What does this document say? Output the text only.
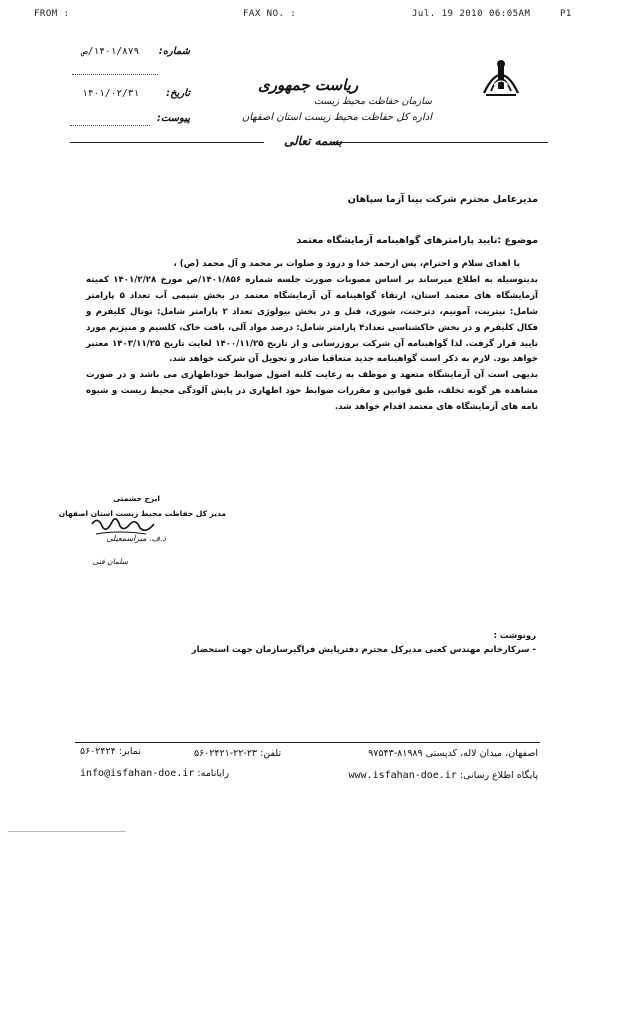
FROM :	FAX NO. :	Jul. 19 2010 06:05AM	P1
سازمان حفاظت محیط زیست
اداره کل حفاظت محیط زیست استان اصفهان
ریاست جمهوری
بسمه تعالی
شماره:
۱۴۰۱/۸۷۹/ص
تاریخ:
۱۴۰۱/۰۲/۳۱
پیوست:
مدیرعامل محترم شرکت بینا آزما سپاهان
موضوع :تایید پارامترهای گواهینامه آزمایشگاه معتمد

با اهدای سلام و احترام، پس ازحمد خدا و درود و صلوات بر محمد و آل محمد (ص) ،

بدینوسیله به اطلاع میرساند بر اساس مصوبات صورت جلسه شماره ۱۴۰۱/۸۵۶/ص مورخ ۱۴۰۱/۲/۲۸ کمیته آزمایشگاه های معتمد استان، ارتقاء گواهینامه آن آزمایشگاه معتمد در بخش شیمی آب تعداد ۵ پارامتر شامل: نیتریت، آمونیم، دترجنت، شوری، فنل و در بخش بیولوژی تعداد ۲ پارامتر شامل: توتال کلیفرم و فکال کلیفرم و در بخش خاکشناسی تعداد۴ پارامتر شامل: درصد مواد آلی، بافت خاک، کلسیم و منیزیم مورد تایید قرار گرفت. لذا گواهینامه آن شرکت بروزرسانی و از تاریخ ۱۴۰۰/۱۱/۲۵ لغایت تاریخ ۱۴۰۳/۱۱/۲۵ معتبر خواهد بود. لازم به ذکر است گواهینامه جدید متعاقبا صادر و تحویل آن شرکت خواهد شد.

بدیهی است آن آزمایشگاه متعهد و موظف به رعایت کلیه اصول ضوابط خوداظهاری می باشد و در صورت مشاهده هر گونه تخلف، طبق قوانین و مقررات ضوابط خود اظهاری در پایش آلودگی محیط زیست و شیوه نامه های آزمایشگاه های معتمد اقدام خواهد شد.

ایرج حشمتی
مدیر کل حفاظت محیط زیست استان اصفهان
ذ.ف. میراسمعیلی
سلمان فنی
رونوشت :
- سرکارخانم مهندس کعبی مدیرکل محترم دفترپایش فراگیرسازمان جهت استحضار
اصفهان، میدان لاله، کدپستی ۸۱۹۸۹-۹۷۵۴۳
تلفن: ۲۳-۲۲-۵۶۰۲۴۲۱
نمابر: ۵۶۰۲۴۲۴
پایگاه اطلاع رسانی: www.isfahan-doe.ir
رایانامه: info@isfahan-doe.ir
